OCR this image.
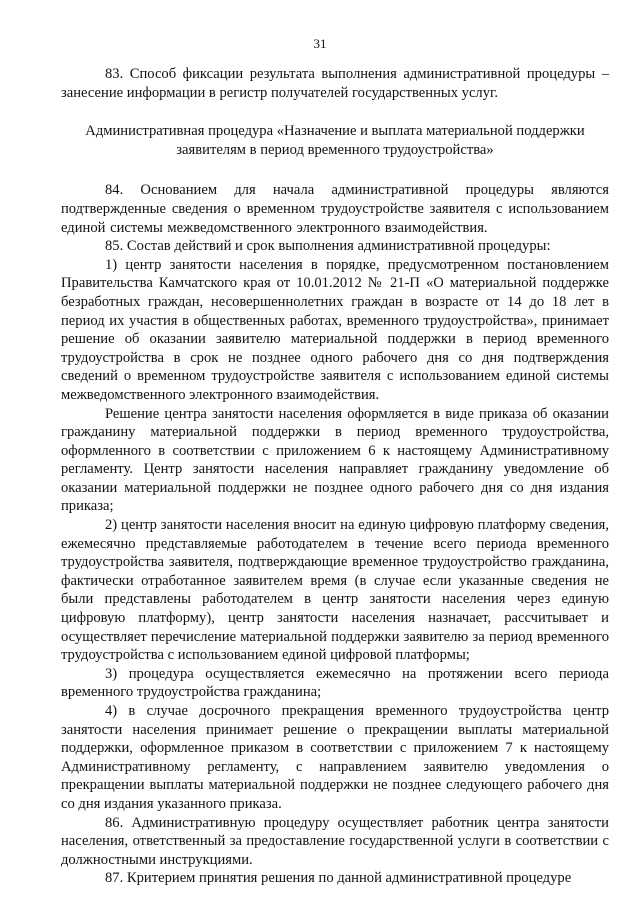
31

83. Способ фиксации результата выполнения административной процедуры – занесение информации в регистр получателей государственных услуг.

Административная процедура «Назначение и выплата материальной поддержки заявителям в период временного трудоустройства»

84. Основанием для начала административной процедуры являются подтвержденные сведения о временном трудоустройстве заявителя с использованием единой системы межведомственного электронного взаимодействия.

85. Состав действий и срок выполнения административной процедуры:

1) центр занятости населения в порядке, предусмотренном постановлением Правительства Камчатского края от 10.01.2012 № 21-П «О материальной поддержке безработных граждан, несовершеннолетних граждан в возрасте от 14 до 18 лет в период их участия в общественных работах, временного трудоустройства», принимает решение об оказании заявителю материальной поддержки в период временного трудоустройства в срок не позднее одного рабочего дня со дня подтверждения сведений о временном трудоустройстве заявителя с использованием единой системы межведомственного электронного взаимодействия.

Решение центра занятости населения оформляется в виде приказа об оказании гражданину материальной поддержки в период временного трудоустройства, оформленного в соответствии с приложением 6 к настоящему Административному регламенту. Центр занятости населения направляет гражданину уведомление об оказании материальной поддержки не позднее одного рабочего дня со дня издания приказа;

2) центр занятости населения вносит на единую цифровую платформу сведения, ежемесячно представляемые работодателем в течение всего периода временного трудоустройства заявителя, подтверждающие временное трудоустройство гражданина, фактически отработанное заявителем время (в случае если указанные сведения не были представлены работодателем в центр занятости населения через единую цифровую платформу), центр занятости населения назначает, рассчитывает и осуществляет перечисление материальной поддержки заявителю за период временного трудоустройства с использованием единой цифровой платформы;

3) процедура осуществляется ежемесячно на протяжении всего периода временного трудоустройства гражданина;

4) в случае досрочного прекращения временного трудоустройства центр занятости населения принимает решение о прекращении выплаты материальной поддержки, оформленное приказом в соответствии с приложением 7 к настоящему Административному регламенту, с направлением заявителю уведомления о прекращении выплаты материальной поддержки не позднее следующего рабочего дня со дня издания указанного приказа.

86. Административную процедуру осуществляет работник центра занятости населения, ответственный за предоставление государственной услуги в соответствии с должностными инструкциями.

87. Критерием принятия решения по данной административной процедуре
